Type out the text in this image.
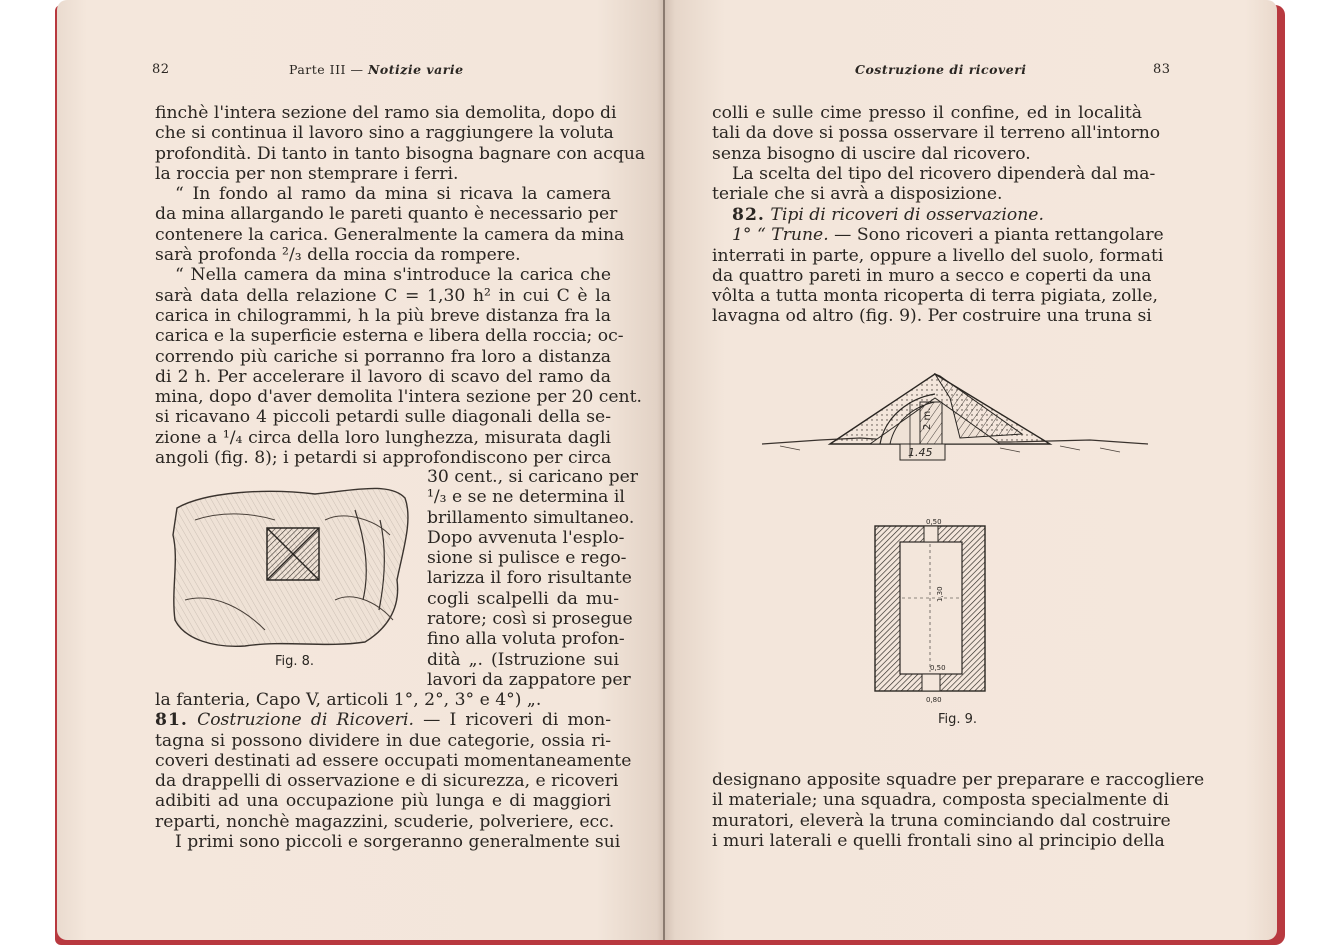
82	Parte III — Notizie varie
finchè l'intera sezione del ramo sia demolita, dopo di
che si continua il lavoro sino a raggiungere la voluta
profondità. Di tanto in tanto bisogna bagnare con acqua
la roccia per non stemprare i ferri.
“ In fondo al ramo da mina si ricava la camera
da mina allargando le pareti quanto è necessario per
contenere la carica. Generalmente la camera da mina
sarà profonda ²/₃ della roccia da rompere.
“ Nella camera da mina s'introduce la carica che
sarà data della relazione C = 1,30 h² in cui C è la
carica in chilogrammi, h la più breve distanza fra la
carica e la superficie esterna e libera della roccia; oc-
correndo più cariche si porranno fra loro a distanza
di 2 h. Per accelerare il lavoro di scavo del ramo da
mina, dopo d'aver demolita l'intera sezione per 20 cent.
si ricavano 4 piccoli petardi sulle diagonali della se-
zione a ¹/₄ circa della loro lunghezza, misurata dagli
angoli (fig. 8); i petardi si approfondiscono per circa
Fig. 8.
30 cent., si caricano per
¹/₃ e se ne determina il
brillamento simultaneo.
Dopo avvenuta l'esplo-
sione si pulisce e rego-
larizza il foro risultante
cogli scalpelli da mu-
ratore; così si prosegue
fino alla voluta profon-
dità „. (Istruzione sui
lavori da zappatore per
la fanteria, Capo V, articoli 1°, 2°, 3° e 4°) „.
81. Costruzione di Ricoveri. — I ricoveri di mon-
tagna si possono dividere in due categorie, ossia ri-
coveri destinati ad essere occupati momentaneamente
da drappelli di osservazione e di sicurezza, e ricoveri
adibiti ad una occupazione più lunga e di maggiori
reparti, nonchè magazzini, scuderie, polveriere, ecc.
I primi sono piccoli e sorgeranno generalmente sui
Costruzione di ricoveri	83
colli e sulle cime presso il confine, ed in località
tali da dove si possa osservare il terreno all'intorno
senza bisogno di uscire dal ricovero.
La scelta del tipo del ricovero dipenderà dal ma-
teriale che si avrà a disposizione.
82. Tipi di ricoveri di osservazione.
1° “ Trune. — Sono ricoveri a pianta rettangolare
interrati in parte, oppure a livello del suolo, formati
da quattro pareti in muro a secco e coperti da una
vôlta a tutta monta ricoperta di terra pigiata, zolle,
lavagna od altro (fig. 9). Per costruire una truna si
1.45
2 m.
0,50
1,30
0,50
0,80
Fig. 9.
designano apposite squadre per preparare e raccogliere
il materiale; una squadra, composta specialmente di
muratori, eleverà la truna cominciando dal costruire
i muri laterali e quelli frontali sino al principio della
